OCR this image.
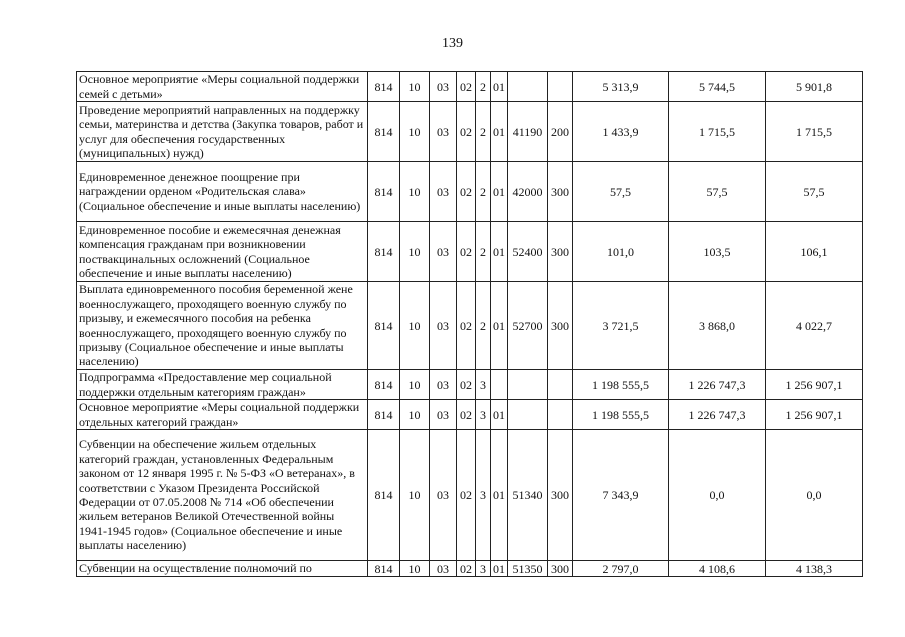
139
Основное мероприятие «Меры социальной поддержки семей с детьми»	814	10	03	02	2	01			5 313,9	5 744,5	5 901,8
Проведение мероприятий направленных на поддержку семьи, материнства и детства (Закупка товаров, работ и услуг для обеспечения государственных (муниципальных) нужд)	814	10	03	02	2	01	41190	200	1 433,9	1 715,5	1 715,5
Единовременное денежное поощрение при награждении орденом «Родительская слава» (Социальное обеспечение и иные выплаты населению)	814	10	03	02	2	01	42000	300	57,5	57,5	57,5
Единовременное пособие и ежемесячная денежная компенсация гражданам при возникновении поствакцинальных осложнений (Социальное обеспечение и иные выплаты населению)	814	10	03	02	2	01	52400	300	101,0	103,5	106,1
Выплата единовременного пособия беременной жене военнослужащего, проходящего военную службу по призыву, и ежемесячного пособия на ребенка военнослужащего, проходящего военную службу по призыву (Социальное обеспечение и иные выплаты населению)	814	10	03	02	2	01	52700	300	3 721,5	3 868,0	4 022,7
Подпрограмма «Предоставление мер социальной поддержки отдельным категориям граждан»	814	10	03	02	3				1 198 555,5	1 226 747,3	1 256 907,1
Основное мероприятие «Меры социальной поддержки отдельных категорий граждан»	814	10	03	02	3	01			1 198 555,5	1 226 747,3	1 256 907,1
Субвенции на обеспечение жильем отдельных категорий граждан, установленных Федеральным законом от 12 января 1995 г. № 5-ФЗ «О ветеранах», в соответствии с Указом Президента Российской Федерации от 07.05.2008 № 714 «Об обеспечении жильем ветеранов Великой Отечественной войны 1941-1945 годов» (Социальное обеспечение и иные выплаты населению)	814	10	03	02	3	01	51340	300	7 343,9	0,0	0,0
Субвенции на осуществление полномочий по	814	10	03	02	3	01	51350	300	2 797,0	4 108,6	4 138,3
